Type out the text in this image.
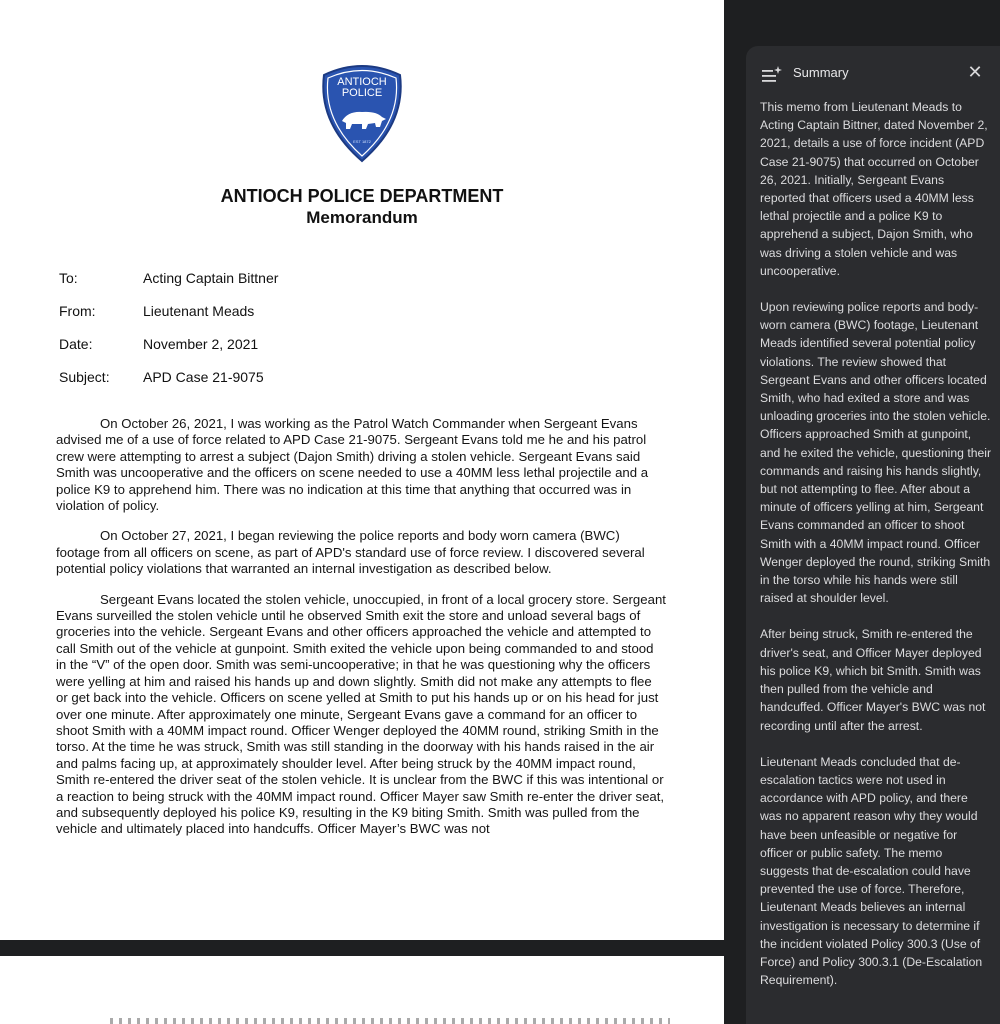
ANTIOCH
POLICE
EST 1872
ANTIOCH POLICE DEPARTMENT
Memorandum
To:	Acting Captain Bittner
From:	Lieutenant Meads
Date:	November 2, 2021
Subject:	APD Case 21-9075

On October 26, 2021, I was working as the Patrol Watch Commander when Sergeant Evans advised me of a use of force related to APD Case 21-9075. Sergeant Evans told me he and his patrol crew were attempting to arrest a subject (Dajon Smith) driving a stolen vehicle. Sergeant Evans said Smith was uncooperative and the officers on scene needed to use a 40MM less lethal projectile and a police K9 to apprehend him. There was no indication at this time that anything that occurred was in violation of policy.

On October 27, 2021, I began reviewing the police reports and body worn camera (BWC) footage from all officers on scene, as part of APD's standard use of force review. I discovered several potential policy violations that warranted an internal investigation as described below.

Sergeant Evans located the stolen vehicle, unoccupied, in front of a local grocery store. Sergeant Evans surveilled the stolen vehicle until he observed Smith exit the store and unload several bags of groceries into the vehicle. Sergeant Evans and other officers approached the vehicle and attempted to call Smith out of the vehicle at gunpoint. Smith exited the vehicle upon being commanded to and stood in the “V” of the open door. Smith was semi-uncooperative; in that he was questioning why the officers were yelling at him and raised his hands up and down slightly. Smith did not make any attempts to flee or get back into the vehicle. Officers on scene yelled at Smith to put his hands up or on his head for just over one minute. After approximately one minute, Sergeant Evans gave a command for an officer to shoot Smith with a 40MM impact round. Officer Wenger deployed the 40MM round, striking Smith in the torso. At the time he was struck, Smith was still standing in the doorway with his hands raised in the air and palms facing up, at approximately shoulder level. After being struck by the 40MM impact round, Smith re-entered the driver seat of the stolen vehicle. It is unclear from the BWC if this was intentional or a reaction to being struck with the 40MM impact round. Officer Mayer saw Smith re-enter the driver seat, and subsequently deployed his police K9, resulting in the K9 biting Smith. Smith was pulled from the vehicle and ultimately placed into handcuffs. Officer Mayer’s BWC was not

Summary	✕

This memo from Lieutenant Meads to Acting Captain Bittner, dated November 2, 2021, details a use of force incident (APD Case 21-9075) that occurred on October 26, 2021. Initially, Sergeant Evans reported that officers used a 40MM less lethal projectile and a police K9 to apprehend a subject, Dajon Smith, who was driving a stolen vehicle and was uncooperative.

Upon reviewing police reports and body-worn camera (BWC) footage, Lieutenant Meads identified several potential policy violations. The review showed that Sergeant Evans and other officers located Smith, who had exited a store and was unloading groceries into the stolen vehicle. Officers approached Smith at gunpoint, and he exited the vehicle, questioning their commands and raising his hands slightly, but not attempting to flee. After about a minute of officers yelling at him, Sergeant Evans commanded an officer to shoot Smith with a 40MM impact round. Officer Wenger deployed the round, striking Smith in the torso while his hands were still raised at shoulder level.

After being struck, Smith re-entered the driver's seat, and Officer Mayer deployed his police K9, which bit Smith. Smith was then pulled from the vehicle and handcuffed. Officer Mayer's BWC was not recording until after the arrest.

Lieutenant Meads concluded that de-escalation tactics were not used in accordance with APD policy, and there was no apparent reason why they would have been unfeasible or negative for officer or public safety. The memo suggests that de-escalation could have prevented the use of force. Therefore, Lieutenant Meads believes an internal investigation is necessary to determine if the incident violated Policy 300.3 (Use of Force) and Policy 300.3.1 (De-Escalation Requirement).
